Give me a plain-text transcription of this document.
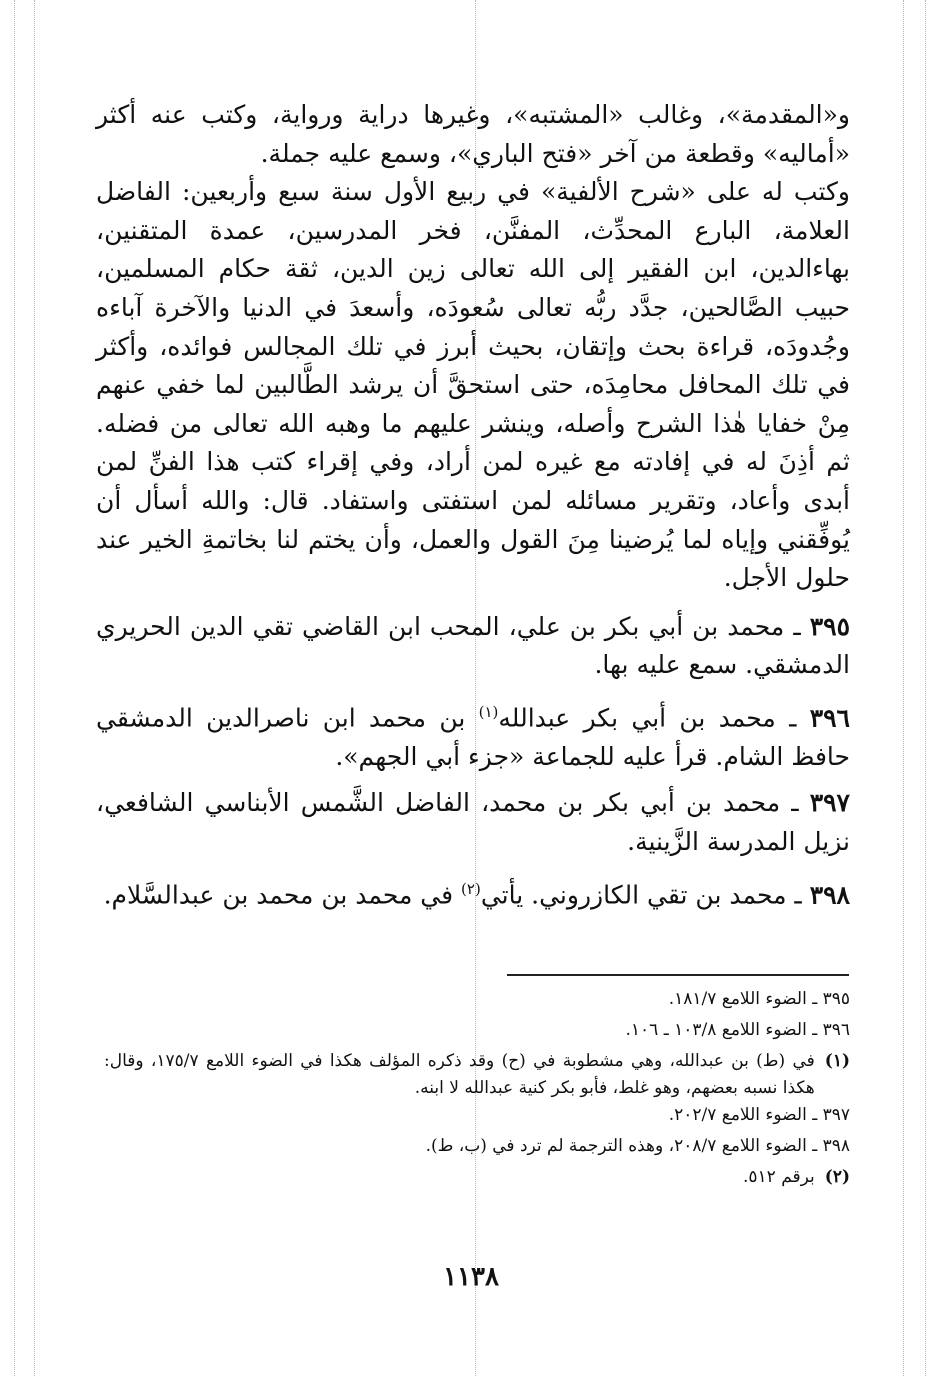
و«المقدمة»، وغالب «المشتبه»، وغيرها دراية ورواية، وكتب عنه أكثر «أماليه» وقطعة من آخر «فتح الباري»، وسمع عليه جملة.

وكتب له على «شرح الألفية» في ربيع الأول سنة سبع وأربعين: الفاضل العلامة، البارع المحدِّث، المفنَّن، فخر المدرسين، عمدة المتقنين، بهاءالدين، ابن الفقير إلى الله تعالى زين الدين، ثقة حكام المسلمين، حبيب الصَّالحين، جدَّد ربُّه تعالى سُعودَه، وأسعدَ في الدنيا والآخرة آباءه وجُدودَه، قراءة بحث وإتقان، بحيث أبرز في تلك المجالس فوائده، وأكثر في تلك المحافل محامِدَه، حتى استحقَّ أن يرشد الطَّالبين لما خفي عنهم مِنْ خفايا هٰذا الشرح وأصله، وينشر عليهم ما وهبه الله تعالى من فضله. ثم أذِنَ له في إفادته مع غيره لمن أراد، وفي إقراء كتب هذا الفنِّ لمن أبدى وأعاد، وتقرير مسائله لمن استفتى واستفاد. قال: والله أسأل أن يُوفِّقني وإياه لما يُرضينا مِنَ القول والعمل، وأن يختم لنا بخاتمةِ الخير عند حلول الأجل.

٣٩٥ ـ محمد بن أبي بكر بن علي، المحب ابن القاضي تقي الدين الحريري الدمشقي. سمع عليه بها.

٣٩٦ ـ محمد بن أبي بكر عبدالله$^{(١)}$ بن محمد ابن ناصرالدين الدمشقي حافظ الشام. قرأ عليه للجماعة «جزء أبي الجهم».

٣٩٧ ـ محمد بن أبي بكر بن محمد، الفاضل الشَّمس الأبناسي الشافعي، نزيل المدرسة الزَّينية.

٣٩٨ ـ محمد بن تقي الكازروني. يأتي$^{(٢)}$ في محمد بن محمد بن عبدالسَّلام.

٣٩٥ ـ الضوء اللامع ١٨١/٧.

٣٩٦ ـ الضوء اللامع ١٠٣/٨ ـ ١٠٦.

(١)
في (ط) بن عبدالله، وهي مشطوبة في (ح) وقد ذكره المؤلف هكذا في الضوء اللامع ١٧٥/٧، وقال: هكذا نسبه بعضهم، وهو غلط، فأبو بكر كنية عبدالله لا ابنه.

٣٩٧ ـ الضوء اللامع ٢٠٢/٧.

٣٩٨ ـ الضوء اللامع ٢٠٨/٧، وهذه الترجمة لم ترد في (ب، ط).

(٢)
برقم ٥١٢.
١١٣٨
